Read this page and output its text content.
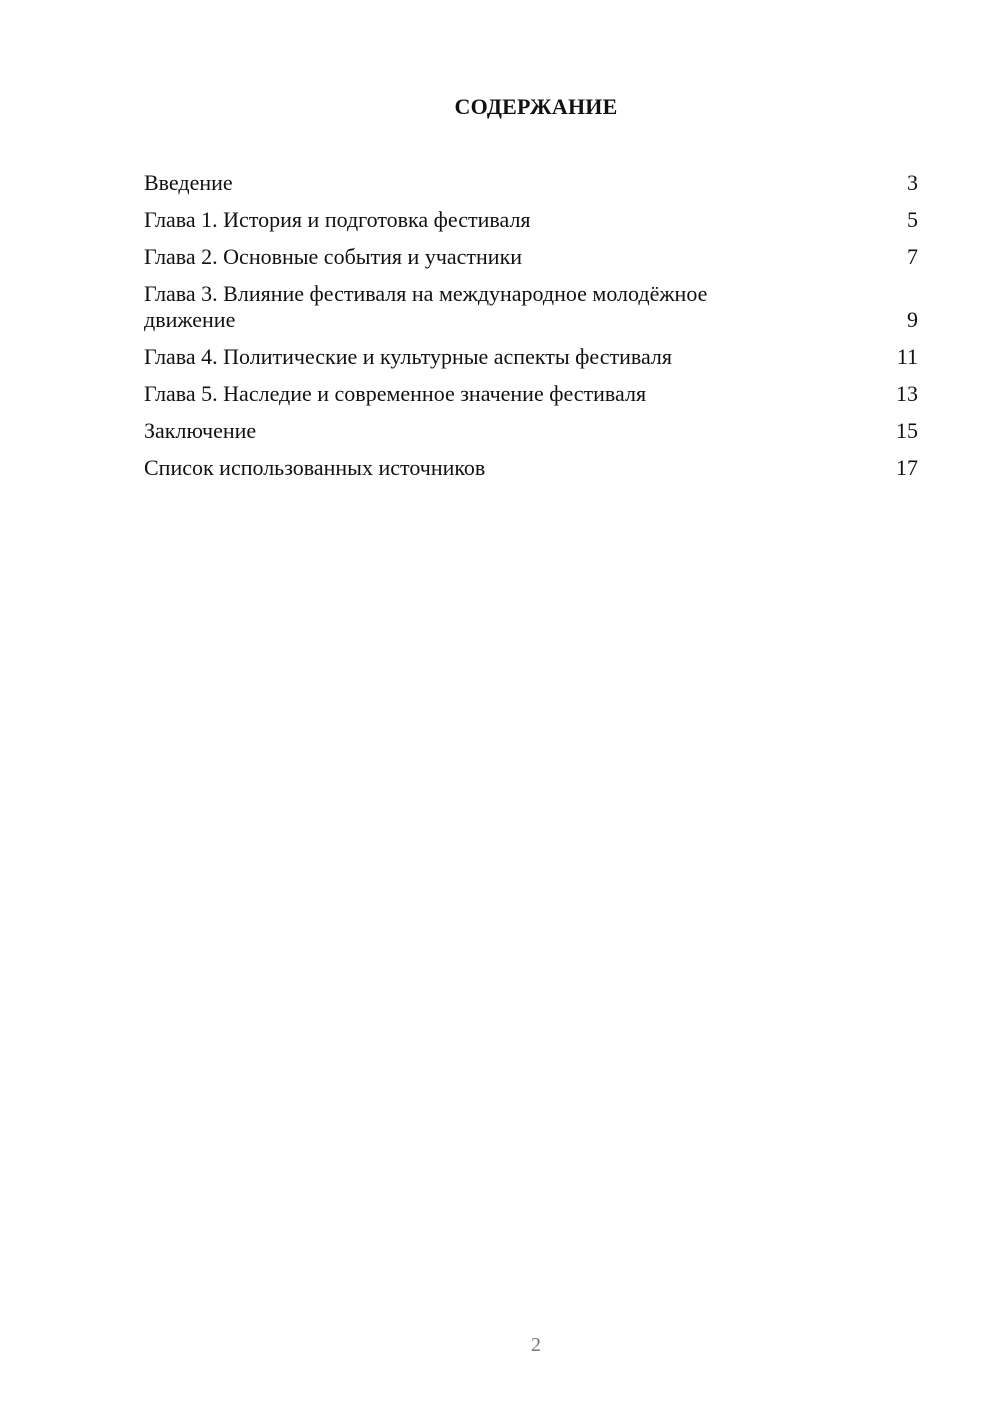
СОДЕРЖАНИЕ
Введение	3
Глава 1. История и подготовка фестиваля	5
Глава 2. Основные события и участники	7
Глава 3. Влияние фестиваля на международное молодёжное движение	9
Глава 4. Политические и культурные аспекты фестиваля	11
Глава 5. Наследие и современное значение фестиваля	13
Заключение	15
Список использованных источников	17
2
